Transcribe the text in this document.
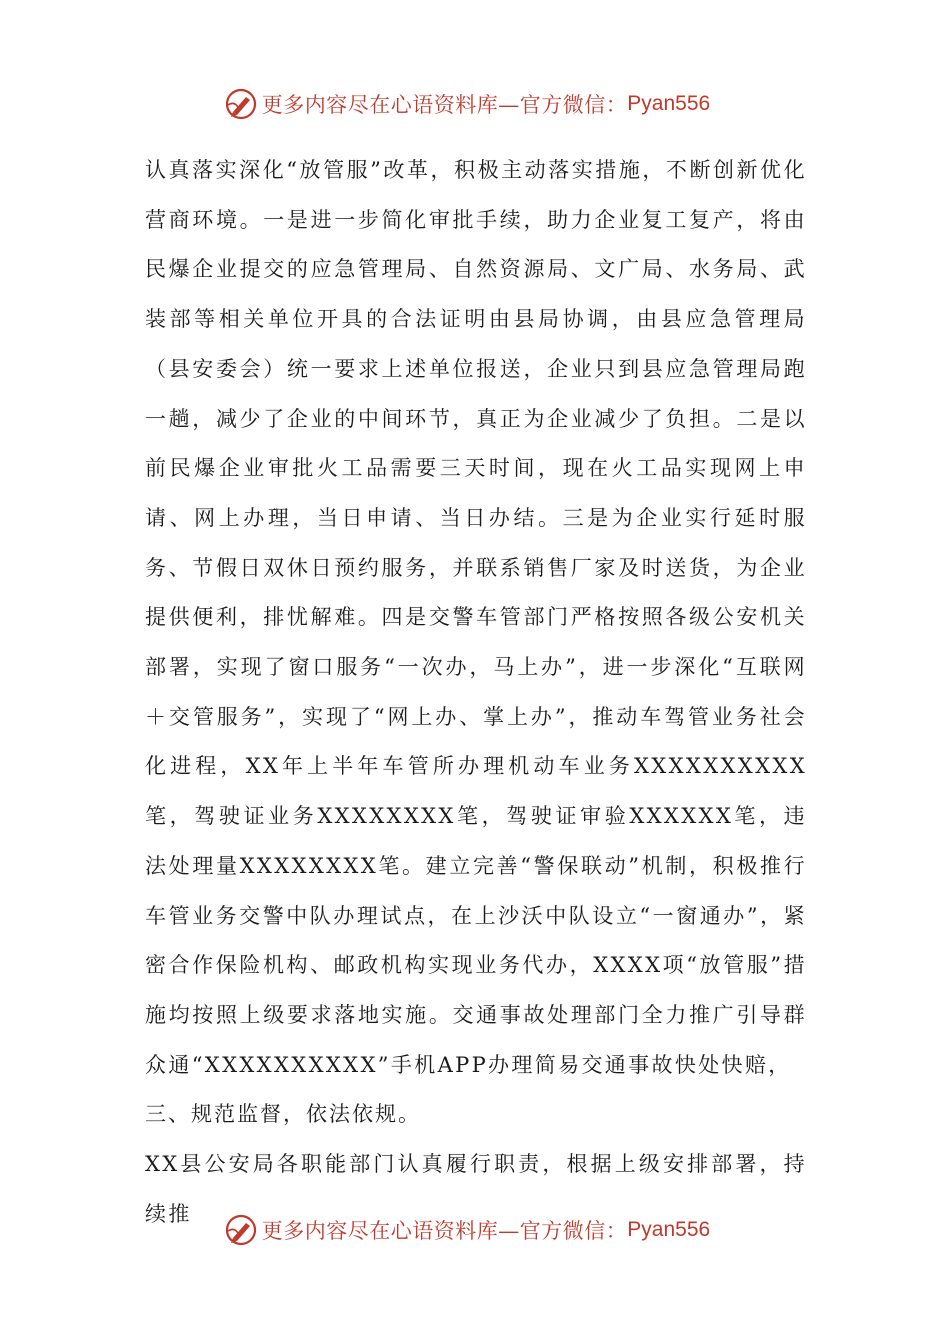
更多内容尽在心语资料库—官方微信： Pyan556

认真落实深化“放管服”改革，积极主动落实措施，不断创新优化营商环境。一是进一步简化审批手续，助力企业复工复产，将由民爆企业提交的应急管理局、自然资源局、文广局、水务局、武装部等相关单位开具的合法证明由县局协调，由县应急管理局（县安委会）统一要求上述单位报送，企业只到县应急管理局跑一趟，减少了企业的中间环节，真正为企业减少了负担。二是以前民爆企业审批火工品需要三天时间，现在火工品实现网上申请、网上办理，当日申请、当日办结。三是为企业实行延时服务、节假日双休日预约服务，并联系销售厂家及时送货，为企业提供便利，排忧解难。四是交警车管部门严格按照各级公安机关部署，实现了窗口服务“一次办，马上办”，进一步深化“互联网＋交管服务”，实现了“网上办、掌上办”，推动车驾管业务社会化进程，XX年上半年车管所办理机动车业务XXXXXXXXXX笔，驾驶证业务XXXXXXXX笔，驾驶证审验XXXXXX笔，违法处理量XXXXXXXX笔。建立完善“警保联动”机制，积极推行车管业务交警中队办理试点，在上沙沃中队设立“一窗通办”，紧密合作保险机构、邮政机构实现业务代办，XXXX项“放管服”措施均按照上级要求落地实施。交通事故处理部门全力推广引导群众通“XXXXXXXXXX”手机APP办理简易交通事故快处快赔，

三、规范监督，依法依规。

XX县公安局各职能部门认真履行职责，根据上级安排部署，持续推

更多内容尽在心语资料库—官方微信： Pyan556
